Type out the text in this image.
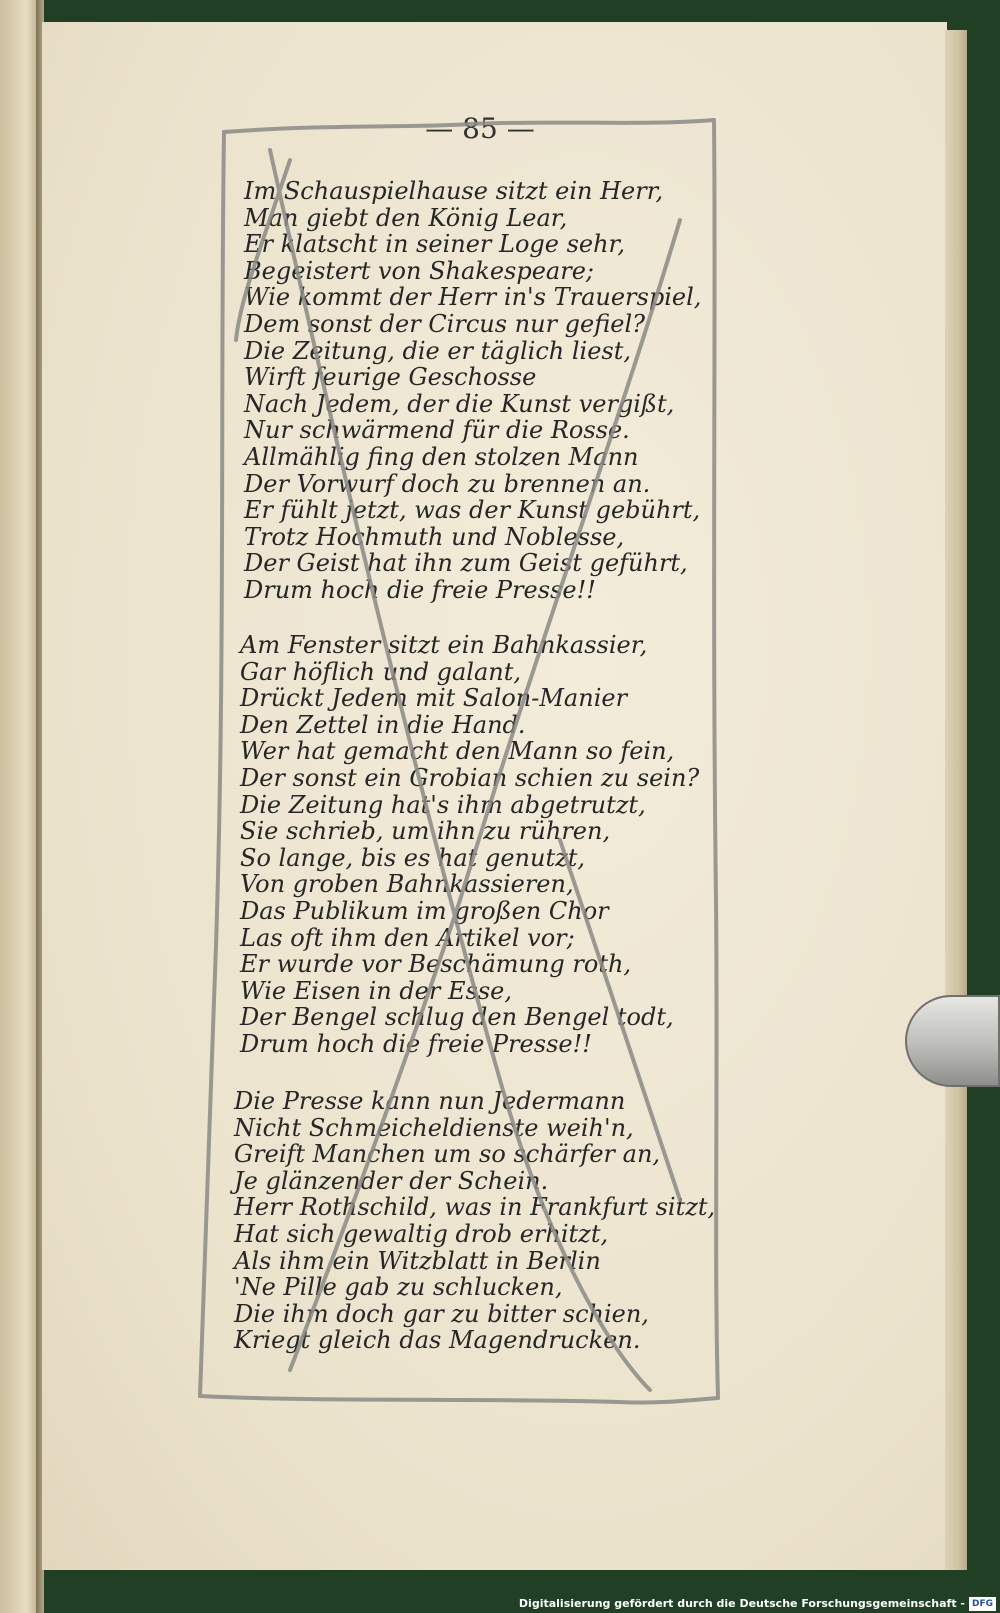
— 85 —
Im Schauspielhause sitzt ein Herr,
Man giebt den König Lear,
Er klatscht in seiner Loge sehr,
Begeistert von Shakespeare;
Wie kommt der Herr in's Trauerspiel,
Dem sonst der Circus nur gefiel?
Die Zeitung, die er täglich liest,
Wirft feurige Geschosse
Nach Jedem, der die Kunst vergißt,
Nur schwärmend für die Rosse.
Allmählig fing den stolzen Mann
Der Vorwurf doch zu brennen an.
Er fühlt jetzt, was der Kunst gebührt,
Trotz Hochmuth und Noblesse,
Der Geist hat ihn zum Geist geführt,
Drum hoch die freie Presse!!
Am Fenster sitzt ein Bahnkassier,
Gar höflich und galant,
Drückt Jedem mit Salon-Manier
Den Zettel in die Hand.
Wer hat gemacht den Mann so fein,
Der sonst ein Grobian schien zu sein?
Die Zeitung hat's ihm abgetrutzt,
Sie schrieb, um ihn zu rühren,
So lange, bis es hat genutzt,
Von groben Bahnkassieren,
Das Publikum im großen Chor
Las oft ihm den Artikel vor;
Er wurde vor Beschämung roth,
Wie Eisen in der Esse,
Der Bengel schlug den Bengel todt,
Drum hoch die freie Presse!!
Die Presse kann nun Jedermann
Nicht Schmeicheldienste weih'n,
Greift Manchen um so schärfer an,
Je glänzender der Schein.
Herr Rothschild, was in Frankfurt sitzt,
Hat sich gewaltig drob erhitzt,
Als ihm ein Witzblatt in Berlin
'Ne Pille gab zu schlucken,
Die ihm doch gar zu bitter schien,
Kriegt gleich das Magendrucken.
Digitalisierung gefördert durch die Deutsche Forschungsgemeinschaft - DFG
